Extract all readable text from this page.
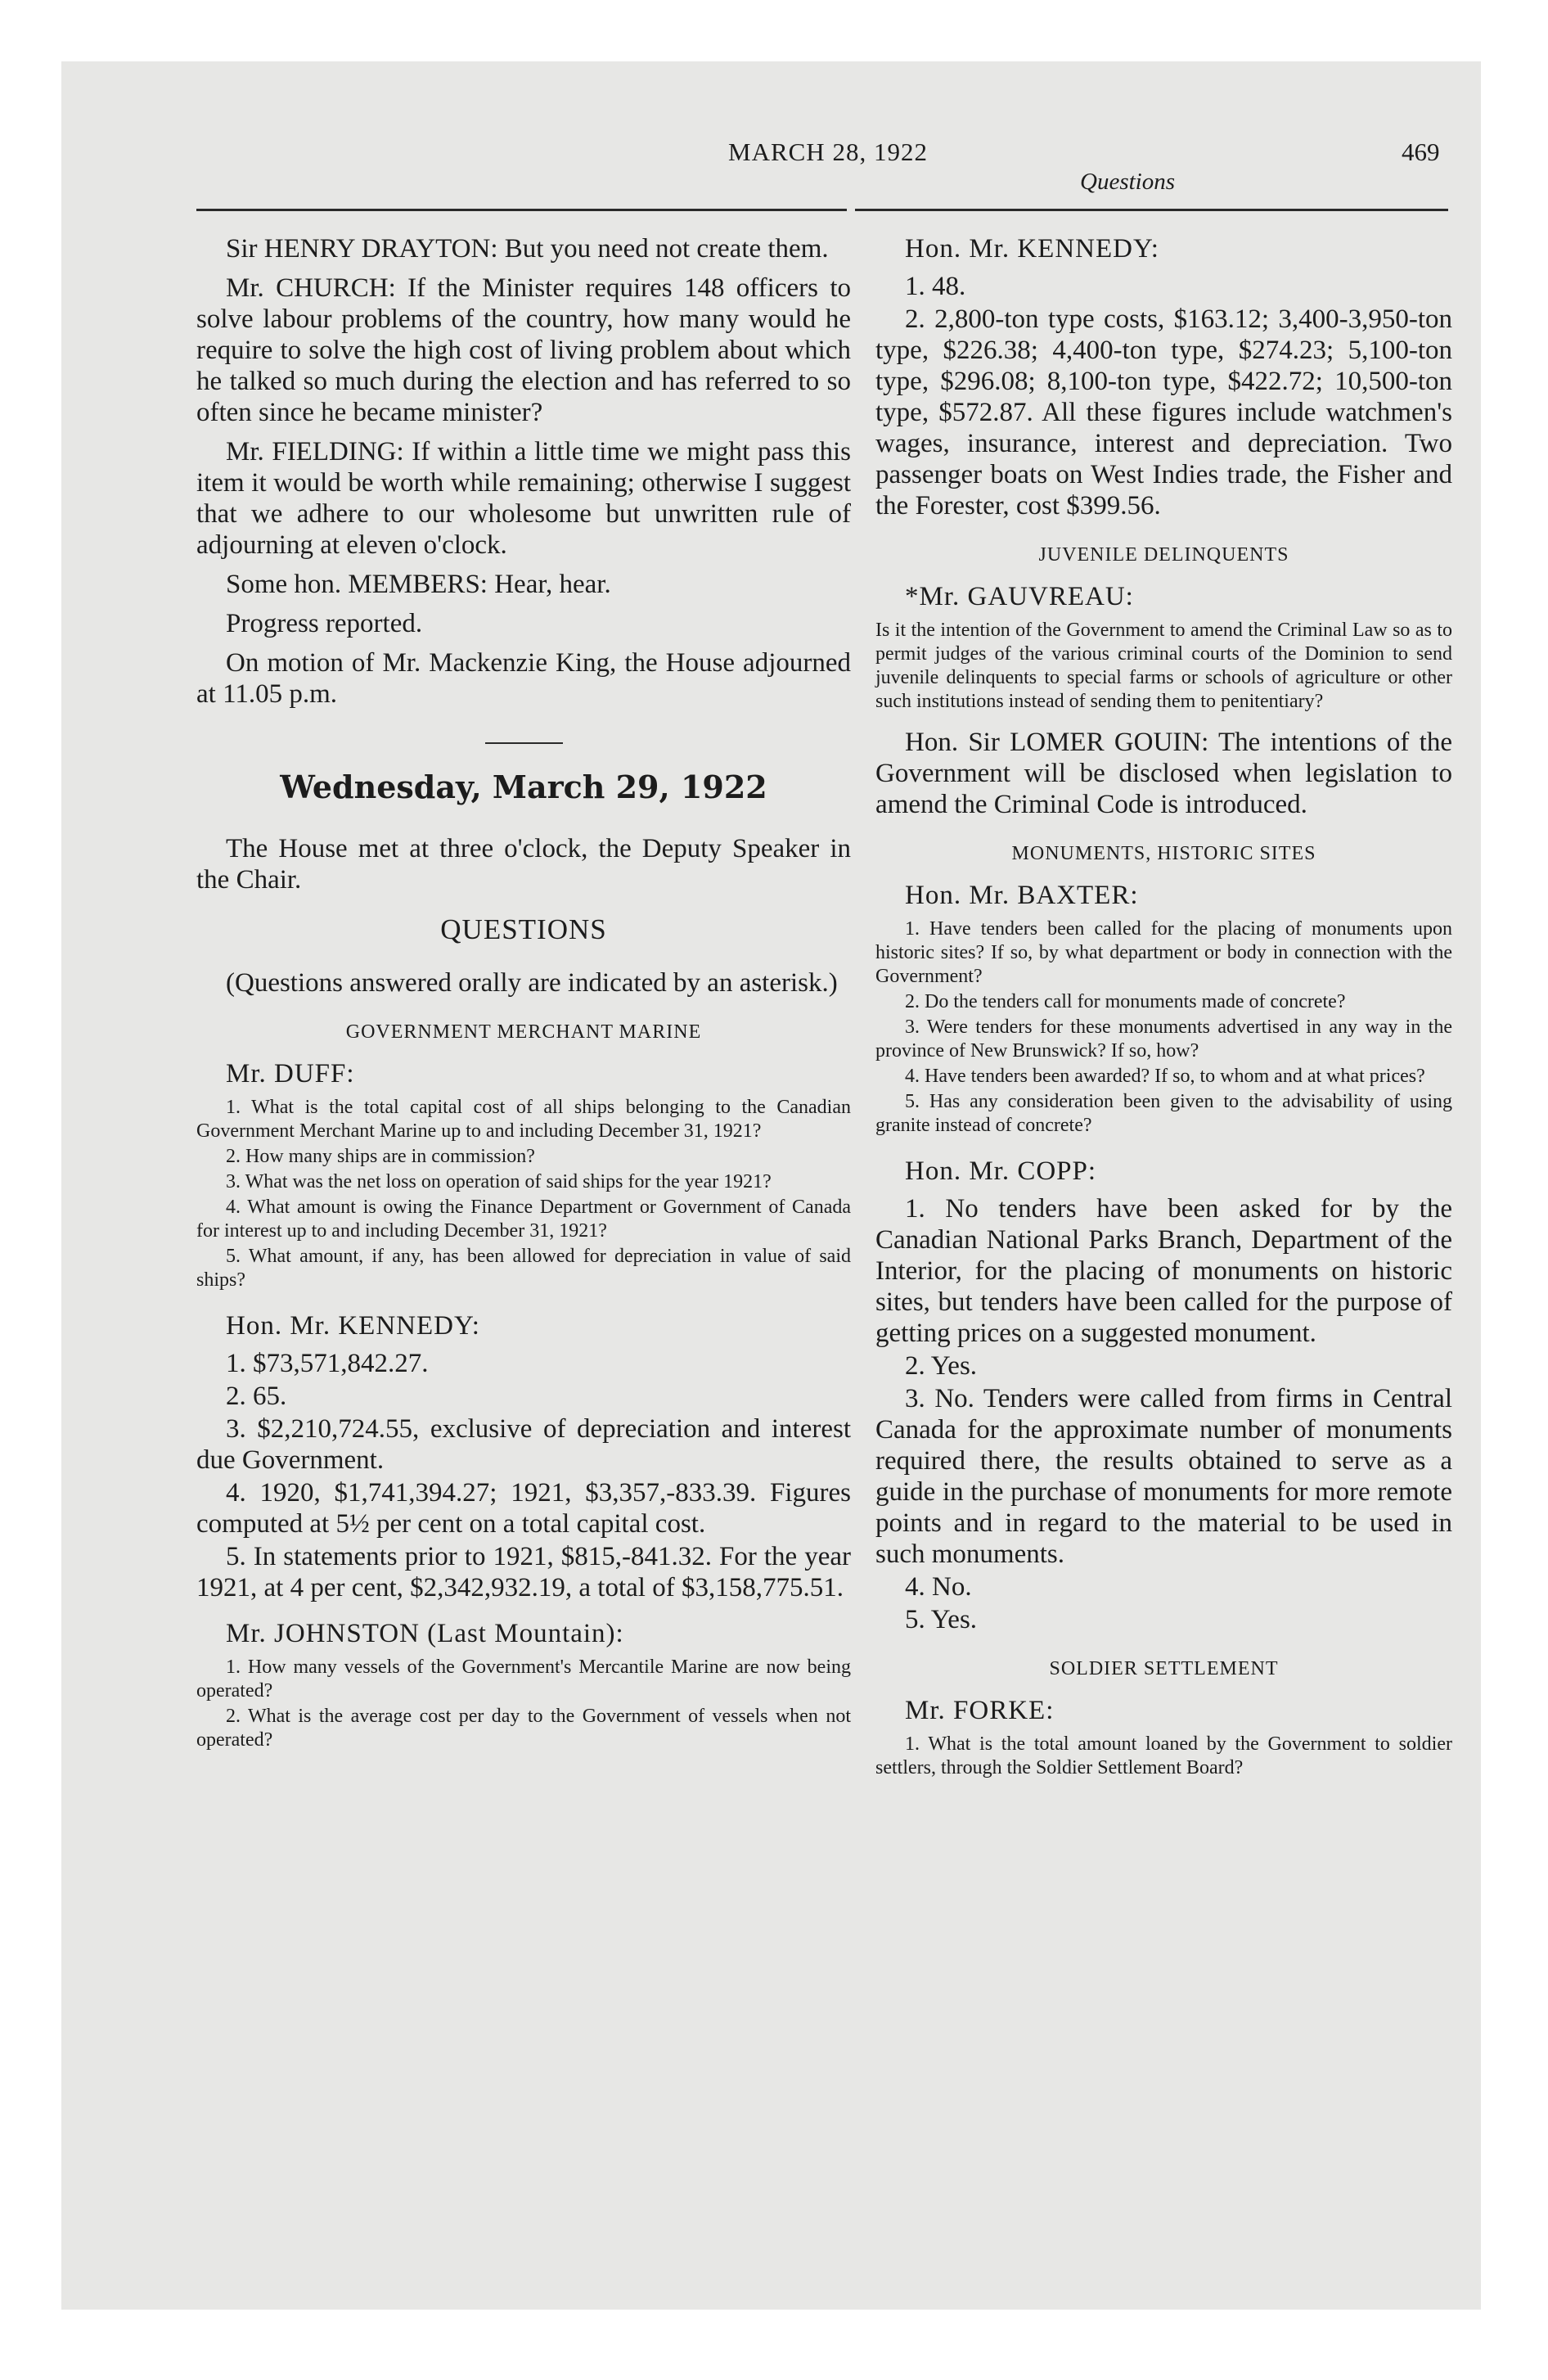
MARCH 28, 1922
Questions
469

Sir HENRY DRAYTON: But you need not create them.

Mr. CHURCH: If the Minister requires 148 officers to solve labour problems of the country, how many would he require to solve the high cost of living problem about which he talked so much during the election and has referred to so often since he became minister?

Mr. FIELDING: If within a little time we might pass this item it would be worth while remaining; otherwise I suggest that we adhere to our wholesome but unwritten rule of adjourning at eleven o'clock.

Some hon. MEMBERS: Hear, hear.

Progress reported.

On motion of Mr. Mackenzie King, the House adjourned at 11.05 p.m.

Wednesday, March 29, 1922

The House met at three o'clock, the Deputy Speaker in the Chair.

QUESTIONS

(Questions answered orally are indicated by an asterisk.)

GOVERNMENT MERCHANT MARINE
Mr. DUFF:

1. What is the total capital cost of all ships belonging to the Canadian Government Merchant Marine up to and including December 31, 1921?

2. How many ships are in commission?

3. What was the net loss on operation of said ships for the year 1921?

4. What amount is owing the Finance Department or Government of Canada for interest up to and including December 31, 1921?

5. What amount, if any, has been allowed for depreciation in value of said ships?

Hon. Mr. KENNEDY:

1. $73,571,842.27.

2. 65.

3. $2,210,724.55, exclusive of depreciation and interest due Government.

4. 1920, $1,741,394.27; 1921, $3,357,-833.39. Figures computed at 5½ per cent on a total capital cost.

5. In statements prior to 1921, $815,-841.32. For the year 1921, at 4 per cent, $2,342,932.19, a total of $3,158,775.51.

Mr. JOHNSTON (Last Mountain):

1. How many vessels of the Government's Mercantile Marine are now being operated?

2. What is the average cost per day to the Government of vessels when not operated?

Hon. Mr. KENNEDY:

1. 48.

2. 2,800-ton type costs, $163.12; 3,400-3,950-ton type, $226.38; 4,400-ton type, $274.23; 5,100-ton type, $296.08; 8,100-ton type, $422.72; 10,500-ton type, $572.87. All these figures include watchmen's wages, insurance, interest and depreciation. Two passenger boats on West Indies trade, the Fisher and the Forester, cost $399.56.

JUVENILE DELINQUENTS
*Mr. GAUVREAU:

Is it the intention of the Government to amend the Criminal Law so as to permit judges of the various criminal courts of the Dominion to send juvenile delinquents to special farms or schools of agriculture or other such institutions instead of sending them to penitentiary?

Hon. Sir LOMER GOUIN: The intentions of the Government will be disclosed when legislation to amend the Criminal Code is introduced.

MONUMENTS, HISTORIC SITES
Hon. Mr. BAXTER:

1. Have tenders been called for the placing of monuments upon historic sites? If so, by what department or body in connection with the Government?

2. Do the tenders call for monuments made of concrete?

3. Were tenders for these monuments advertised in any way in the province of New Brunswick? If so, how?

4. Have tenders been awarded? If so, to whom and at what prices?

5. Has any consideration been given to the advisability of using granite instead of concrete?

Hon. Mr. COPP:

1. No tenders have been asked for by the Canadian National Parks Branch, Department of the Interior, for the placing of monuments on historic sites, but tenders have been called for the purpose of getting prices on a suggested monument.

2. Yes.

3. No. Tenders were called from firms in Central Canada for the approximate number of monuments required there, the results obtained to serve as a guide in the purchase of monuments for more remote points and in regard to the material to be used in such monuments.

4. No.

5. Yes.

SOLDIER SETTLEMENT
Mr. FORKE:

1. What is the total amount loaned by the Government to soldier settlers, through the Soldier Settlement Board?
